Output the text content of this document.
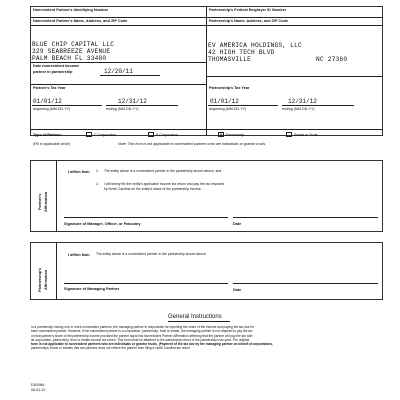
Nonresident Partner's Identifying Number
Nonresident Partner's Name, Address, and ZIP Code
BLUE CHIP CAPITAL LLC
329 SEABREEZE AVENUE
PALM BEACH FL 33480
Date nonresident became
partner in partnership	12/20/11
Partner's Tax Year
01/01/12	12/31/12
beginning (MM-DD-YY)	ending (MM-DD-YY)
Partnership's Federal Employer ID Number
Partnership's Name, Address, and ZIP Code
EV AMERICA HOLDINGS, LLC
42 HIGH TECH BLVD
THOMASVILLE	NC 27360
Partnership's Tax Year
01/01/12	12/31/12
beginning (MM-DD-YY)	ending (MM-DD-YY)
Type of Partner:	C Corporation	S Corporation	X	Partnership	Estate or Trust
(Fill in applicable circle)	Note: This form is not applicable to nonresident partners who are individuals or grantor trusts.
Partner's Affirmation
I affirm that: 1. The entity above is a nonresident partner in the partnership shown above, and
2. I will timely file the entity's applicable income tax return and pay the tax imposed
by North Carolina on the entity's share of the partnership income.
Signature of Manager, Officer, or Fiduciary	Date
Partnership's Affirmation
I affirm that: The entity above is a nonresident partner in the partnership shown above.
Signature of Managing Partner	Date
General Instructions
In a partnership having one or more nonresident partners, the managing partner is responsible for reporting the share of the income and paying the tax due for
each nonresident partner. However, if the nonresident partner is a corporation, partnership, trust or estate, the managing partner is not required to pay the tax
on that partner's share of the partnership income provided the partner signs this Nonresident Partner Affirmation affirming that the partner will pay the tax with
its corporation, partnership, trust or estate income tax return. This form must be attached to the partnership return of the partnership's tax year. The original
form is not applicable to nonresident partners who are individuals or grantor trusts. (Payment of the tax due by the managing partner on behalf of corporations,
partnerships, trusts or estates that are partners does not relieve the partner from filing a North Carolina tax return.
D403NA
06-01-12
